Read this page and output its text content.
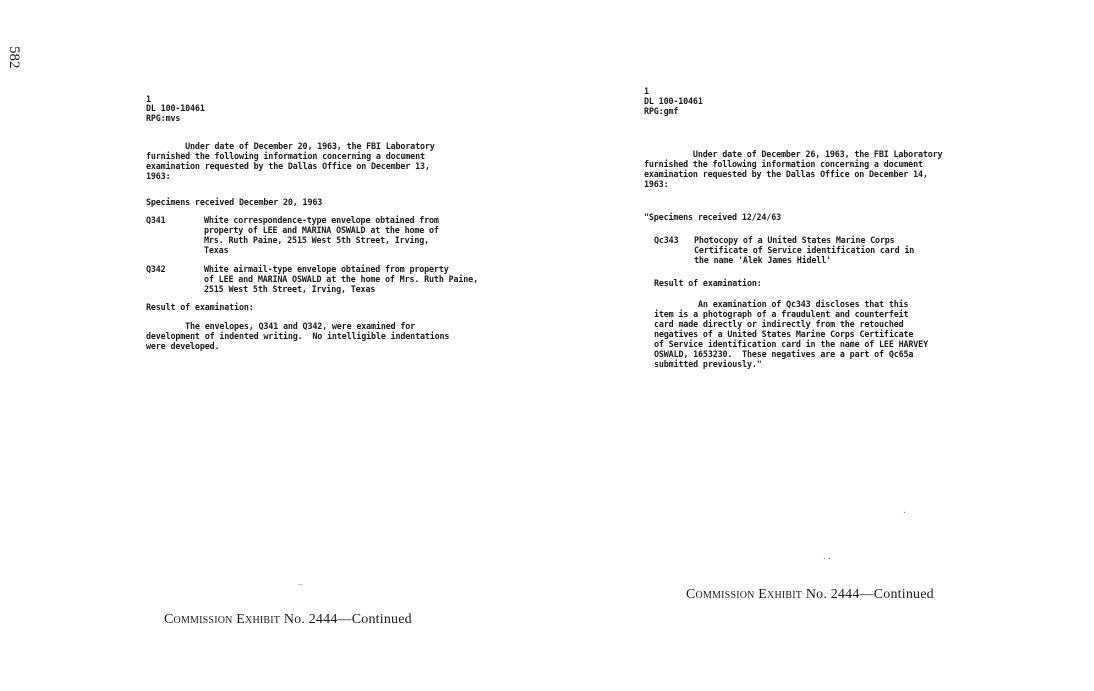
582
1
DL 100-10461
RPG:mvs
Under date of December 20, 1963, the FBI Laboratory
furnished the following information concerning a document
examination requested by the Dallas Office on December 13,
1963:
Specimens received December 20, 1963

Q341

	White correspondence-type envelope obtained from
property of LEE and MARINA OSWALD at the home of
Mrs. Ruth Paine, 2515 West 5th Street, Irving,
Texas

Q342

	White airmail-type envelope obtained from property
of LEE and MARINA OSWALD at the home of Mrs. Ruth Paine,
2515 West 5th Street, Irving, Texas

Result of examination:
The envelopes, Q341 and Q342, were examined for
development of indented writing.  No intelligible indentations
were developed.
Commission Exhibit No. 2444—Continued
⸳⸳
1
DL 100-10461
RPG:gmf
Under date of December 26, 1963, the FBI Laboratory
furnished the following information concerning a document
examination requested by the Dallas Office on December 14,
1963:
"Specimens received 12/24/63

Qc343

Photocopy of a United States Marine Corps
Certificate of Service identification card in
the name 'Alek James Hidell'

Result of examination:
An examination of Qc343 discloses that this
item is a photograph of a fraudulent and counterfeit
card made directly or indirectly from the retouched
negatives of a United States Marine Corps Certificate
of Service identification card in the name of LEE HARVEY
OSWALD, 1653230.  These negatives are a part of Qc65a
submitted previously."
Commission Exhibit No. 2444—Continued
··
·
